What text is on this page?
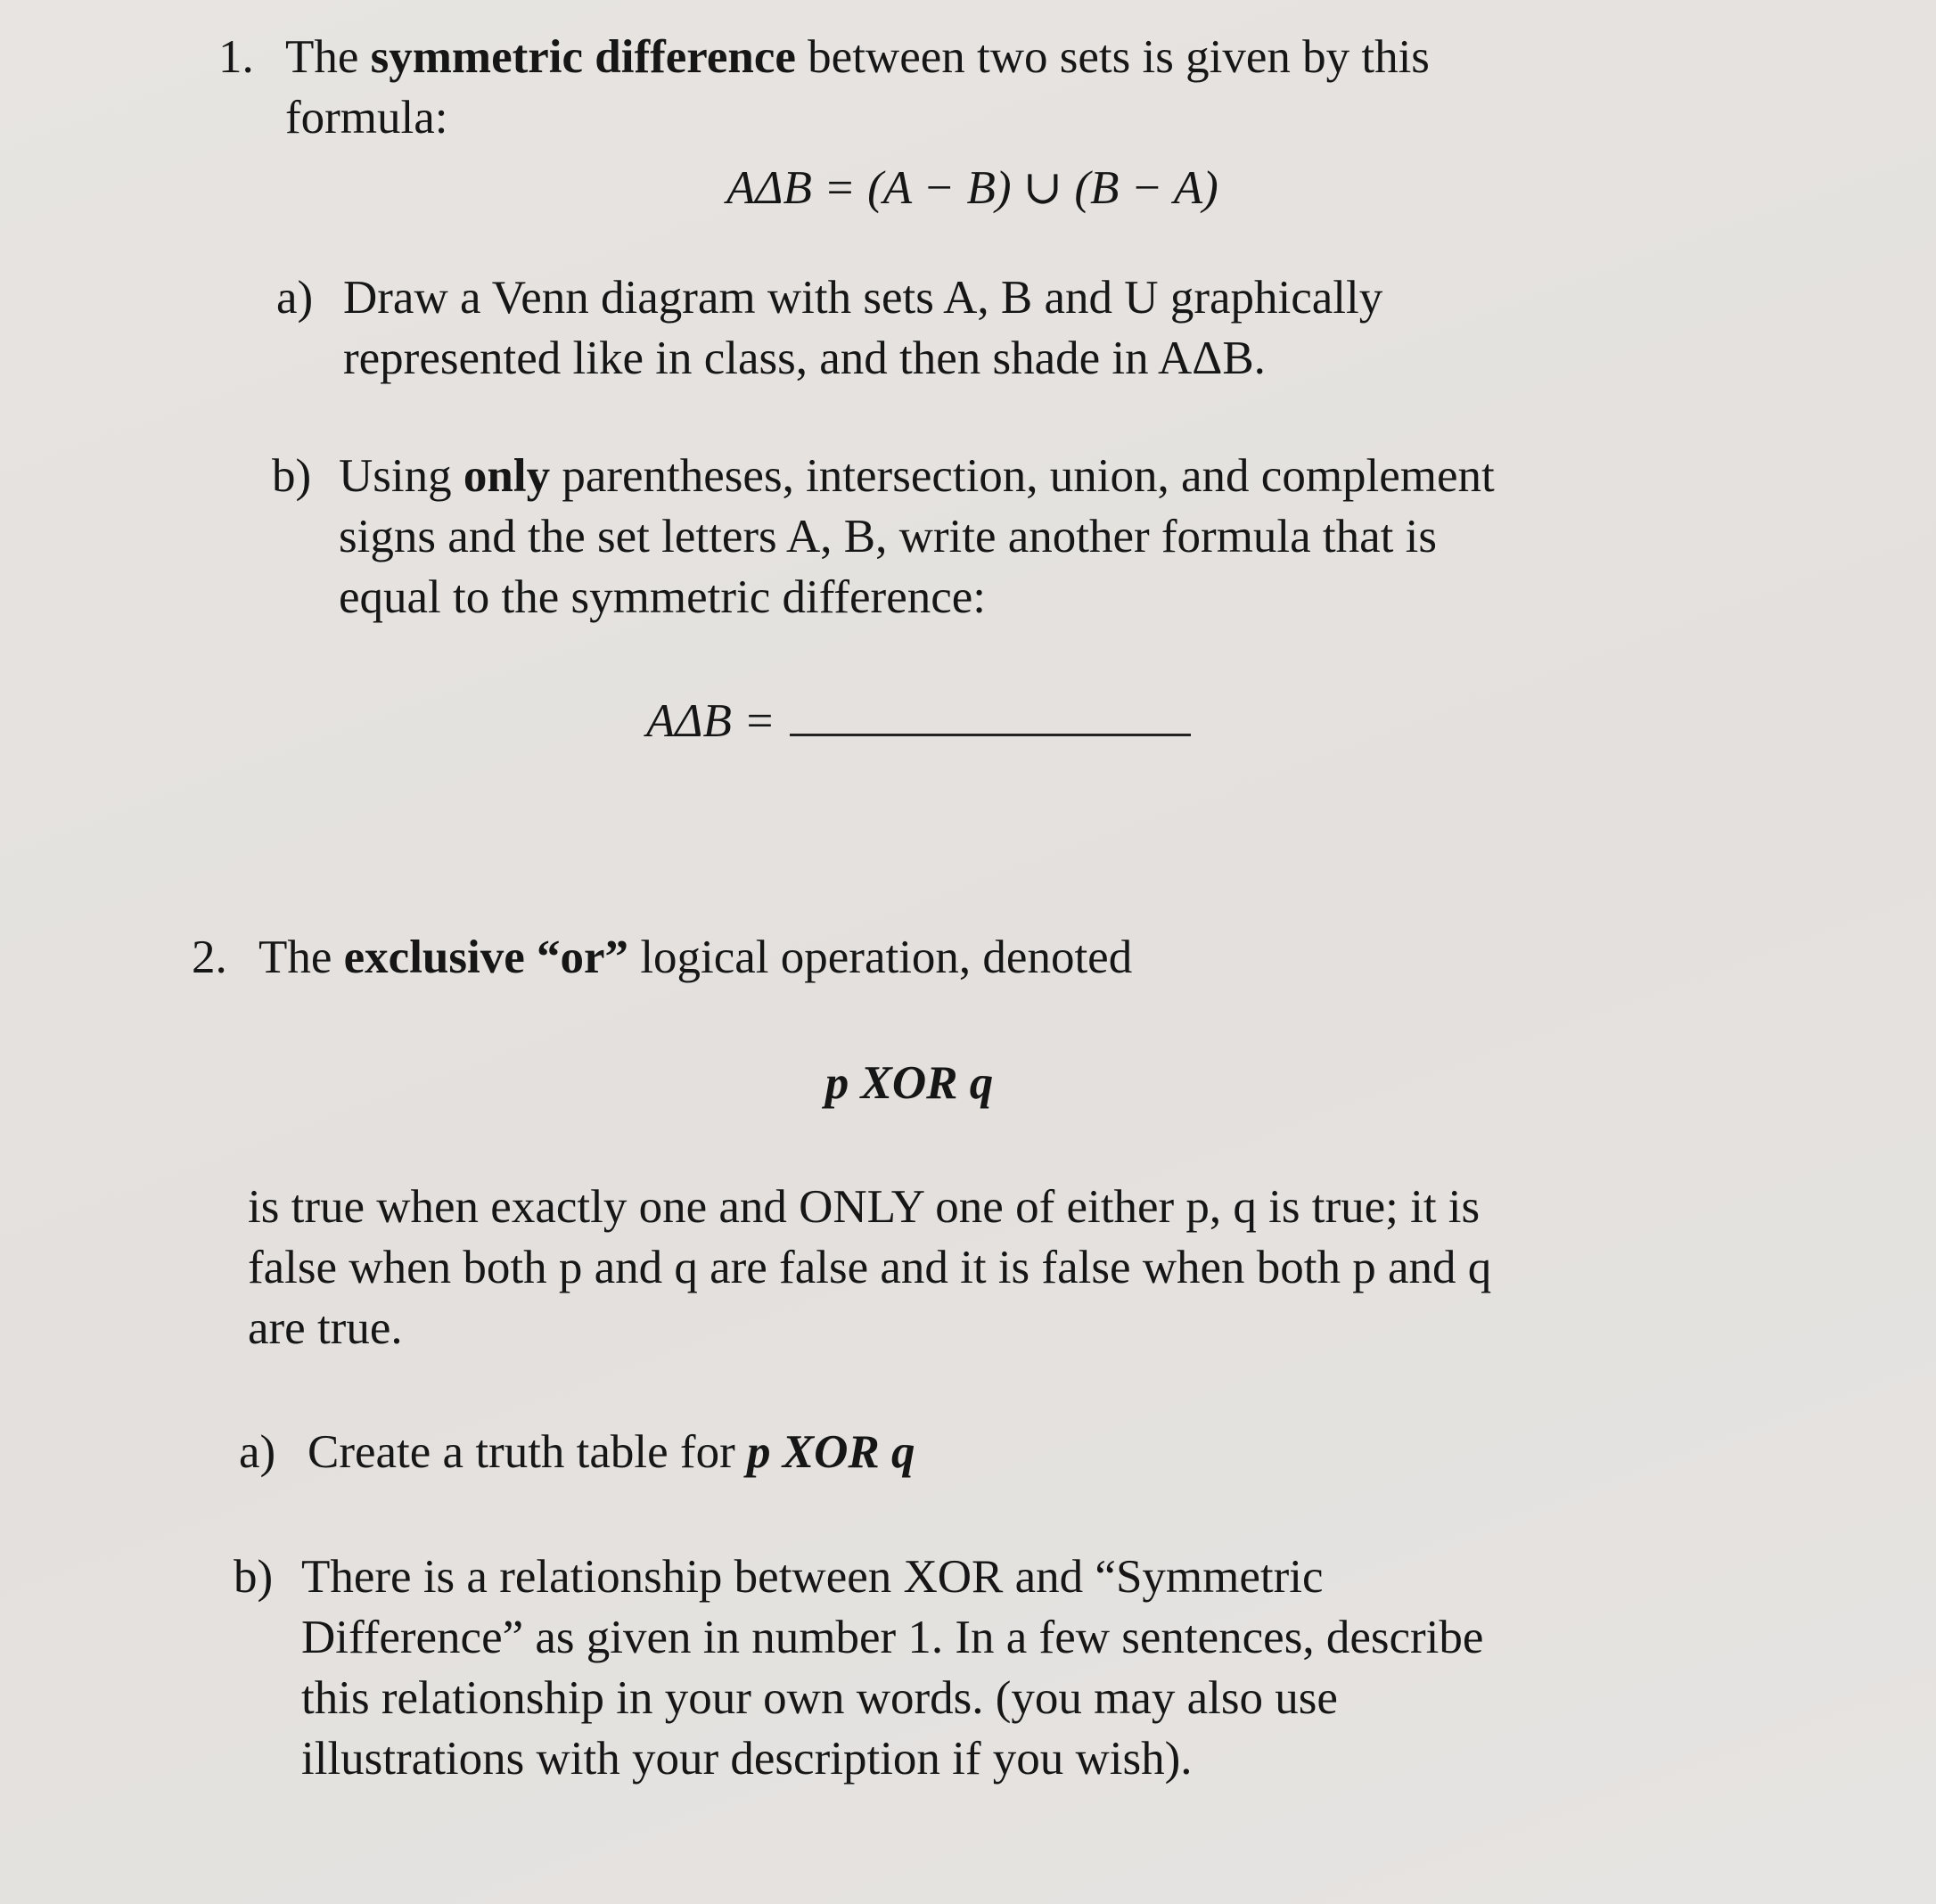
1. The symmetric difference between two sets is given by this
formula:
AΔB = (A − B) ∪ (B − A)
a) Draw a Venn diagram with sets A, B and U graphically
represented like in class, and then shade in AΔB.
b) Using only parentheses, intersection, union, and complement
signs and the set letters A, B, write another formula that is
equal to the symmetric difference:
AΔB =
2. The exclusive “or” logical operation, denoted
p XOR q
is true when exactly one and ONLY one of either p, q is true; it is
false when both p and q are false and it is false when both p and q
are true.
a) Create a truth table for p XOR q
b) There is a relationship between XOR and “Symmetric
Difference” as given in number 1. In a few sentences, describe
this relationship in your own words. (you may also use
illustrations with your description if you wish).
